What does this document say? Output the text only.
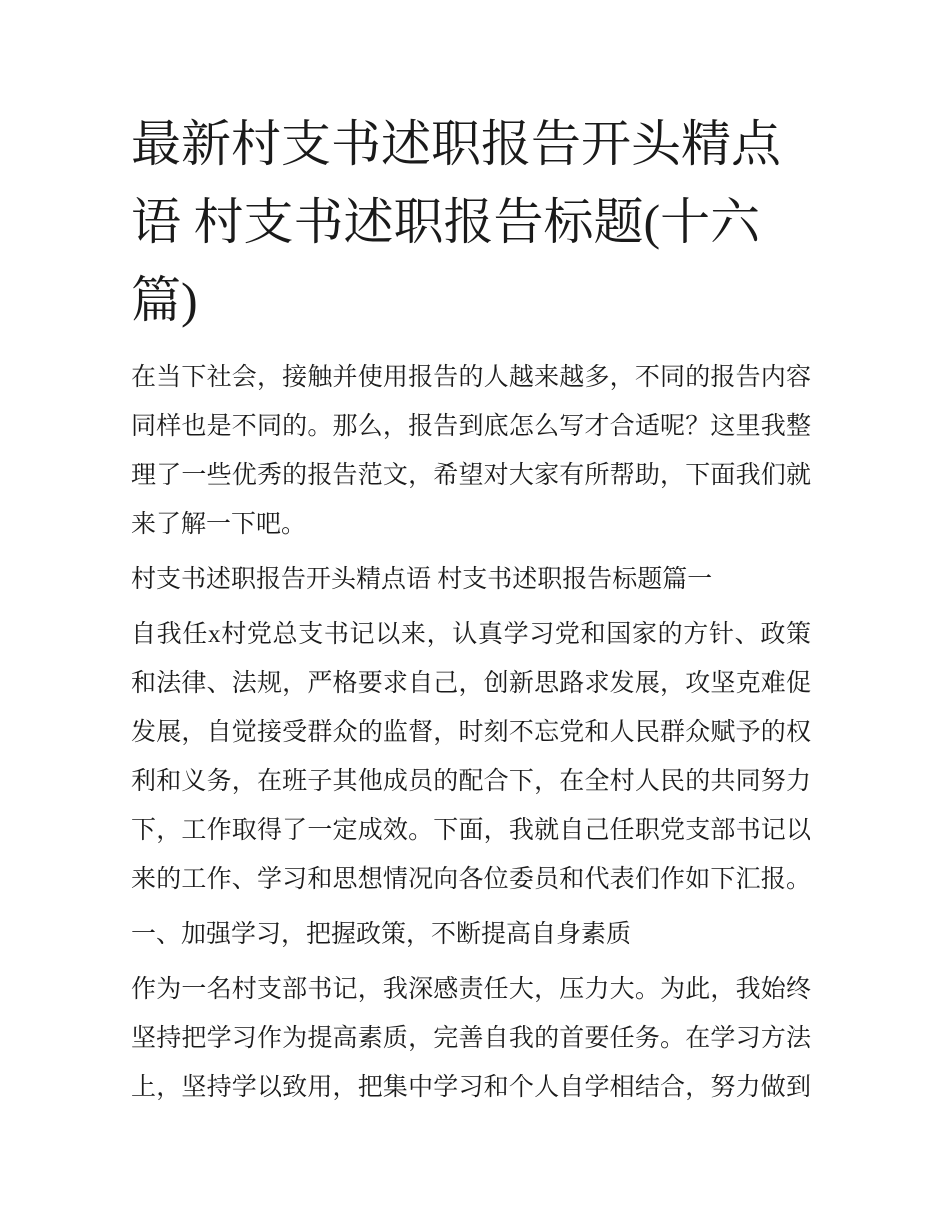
最新村支书述职报告开头精点
语 村支书述职报告标题(十六
篇)

在当下社会，接触并使用报告的人越来越多，不同的报告内容
同样也是不同的。那么，报告到底怎么写才合适呢？这里我整
理了一些优秀的报告范文，希望对大家有所帮助，下面我们就
来了解一下吧。

村支书述职报告开头精点语 村支书述职报告标题篇一

自我任x村党总支书记以来，认真学习党和国家的方针、政策
和法律、法规，严格要求自己，创新思路求发展，攻坚克难促
发展，自觉接受群众的监督，时刻不忘党和人民群众赋予的权
利和义务，在班子其他成员的配合下，在全村人民的共同努力
下，工作取得了一定成效。下面，我就自己任职党支部书记以
来的工作、学习和思想情况向各位委员和代表们作如下汇报。

一、加强学习，把握政策，不断提高自身素质

作为一名村支部书记，我深感责任大，压力大。为此，我始终
坚持把学习作为提高素质，完善自我的首要任务。在学习方法
上，坚持学以致用，把集中学习和个人自学相结合，努力做到
